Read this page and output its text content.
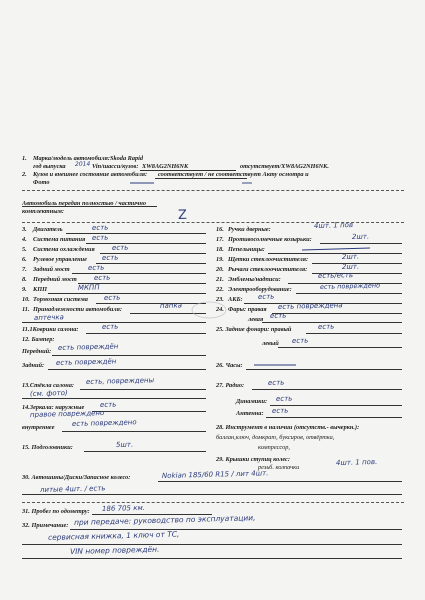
1. Марка/модель автомобиля: Skoda Rapid
год выпуска 2014 Vin/шасси/кузов: XW8AG2NH6NK	отсутствует/XW8AG2NH6NK.
2. Кузов и внешнее состояние автомобиля: соответствует / не соответствует Акту осмотра и
Фото
Автомобиль передан полностью / частично
комплектным:	Z
3. Двигатель	есть
4. Система питания есть
5. Система охлаждения есть
6. Рулевое управление есть
7. Задний мост	есть
8. Передний мост есть
9. КПП	МКПП
10. Тормозная система есть
11. Принадлежности автомобиля:	папка
аптечка
16. Ручки дверные:	4шт. 1 пов
17. Противосолнечные козырьки:	2шт.
18. Пепельницы:
19. Щетки стеклоочистителя:	2шт.
20. Рычаги стеклоочистителя:	2шт.
21. Эмблемы/надписи:	есть/есть
22. Электрооборудование:	есть повреждено
23. АКБ: есть
24. Фары: правая есть повреждена
левая есть
11.1Коврики салона:	есть	25. Задние фонари: правый	есть
12. Бампер:
левый есть
Передний: есть повреждён
Задний: есть повреждён	26. Часы:
13.Стёкла салона: есть, повреждены
(см. фото)
27. Радио:	есть
14.Зеркала: наружные есть
правое повреждено
внутреннее есть повреждено
Динамики: есть
Антенна: есть
28. Инструмент в наличии (отсутств.- вычеркн.):
баллан,ключ, домкрат, буксиров, отвёртка,
компрессор,
15. Подголовники:	5шт.
29. Крышки ступиц колес:
резьб. колпачки
4шт. 1 пов.
30. Автошины/Диски/Запасное колесо:	Nokian 185/60 R15 / лит 4шт.
литые 4шт. / есть
31. Пробег по одометру: 186 705 км.
32. Примечание: при передаче: руководство по эксплуатации,
сервисная книжка, 1 ключ от ТС,
VIN номер повреждён.
